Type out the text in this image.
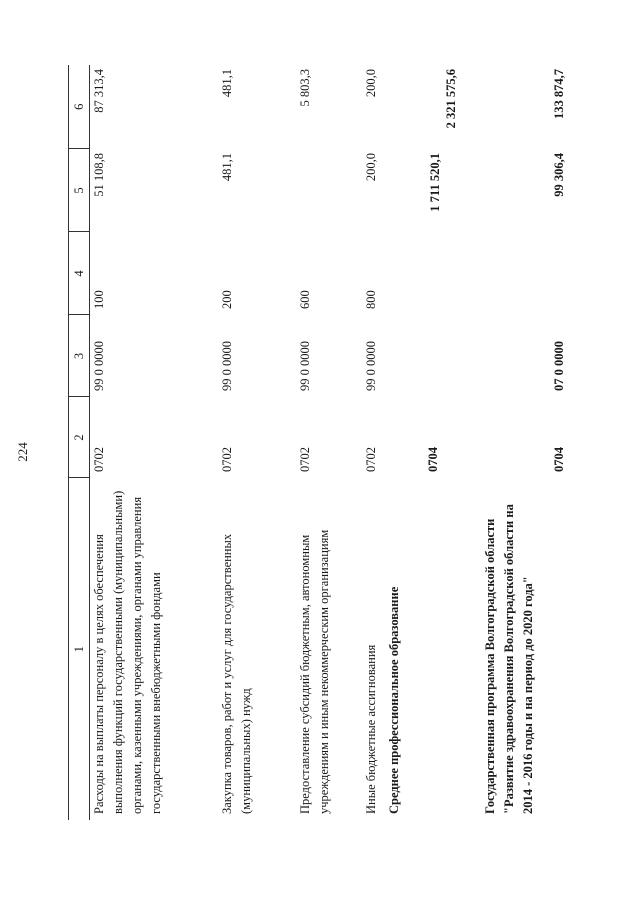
224
1	2	3	4	5	6
Расходы на выплаты персоналу в целях обеспечения выполнения функций государственными (муниципальными) органами, казенными учреждениями, органами управления государственными внебюджетными фондами	0702	99 0 0000	100	51 108,8	87 313,4
Закупка товаров, работ и услуг для государственных (муниципальных) нужд	0702	99 0 0000	200	481,1	481,1
Предоставление субсидий бюджетным, автономным учреждениям и иным некоммерческим организациям	0702	99 0 0000	600		5 803,3
Иные бюджетные ассигнования	0702	99 0 0000	800	200,0	200,0
Среднее профессиональное образование	0704			1 711 520,1	2 321 575,6
Государственная программа Волгоградской области "Развитие здравоохранения Волгоградской области на 2014 - 2016 годы и на период до 2020 года"	0704	07 0 0000		99 306,4	133 874,7
